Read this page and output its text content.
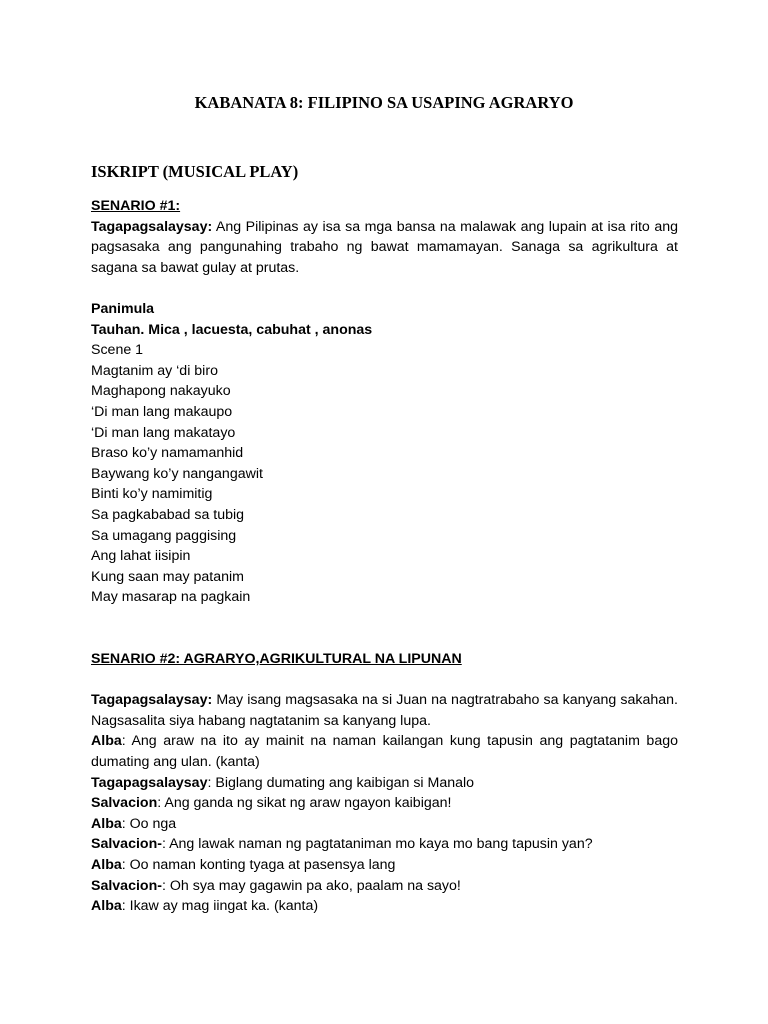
KABANATA 8: FILIPINO SA USAPING AGRARYO
ISKRIPT (MUSICAL PLAY)

SENARIO #1:

Tagapagsalaysay: Ang Pilipinas ay isa sa mga bansa na malawak ang lupain at isa rito ang pagsasaka ang pangunahing trabaho ng bawat mamamayan. Sanaga sa agrikultura at sagana sa bawat gulay at prutas.

Panimula

Tauhan. Mica , lacuesta, cabuhat , anonas

Scene 1

Magtanim ay ‘di biro

Maghapong nakayuko

‘Di man lang makaupo

‘Di man lang makatayo

Braso ko’y namamanhid

Baywang ko’y nangangawit

Binti ko’y namimitig

Sa pagkababad sa tubig

Sa umagang paggising

Ang lahat iisipin

Kung saan may patanim

May masarap na pagkain

SENARIO #2: AGRARYO,AGRIKULTURAL NA LIPUNAN

Tagapagsalaysay: May isang magsasaka na si Juan na nagtratrabaho sa kanyang sakahan. Nagsasalita siya habang nagtatanim sa kanyang lupa.

Alba: Ang araw na ito ay mainit na naman kailangan kung tapusin ang pagtatanim bago dumating ang ulan. (kanta)

Tagapagsalaysay: Biglang dumating ang kaibigan si Manalo

Salvacion: Ang ganda ng sikat ng araw ngayon kaibigan!

Alba: Oo nga

Salvacion-: Ang lawak naman ng pagtataniman mo kaya mo bang tapusin yan?

Alba: Oo naman konting tyaga at pasensya lang

Salvacion-: Oh sya may gagawin pa ako, paalam na sayo!

Alba: Ikaw ay mag iingat ka. (kanta)
